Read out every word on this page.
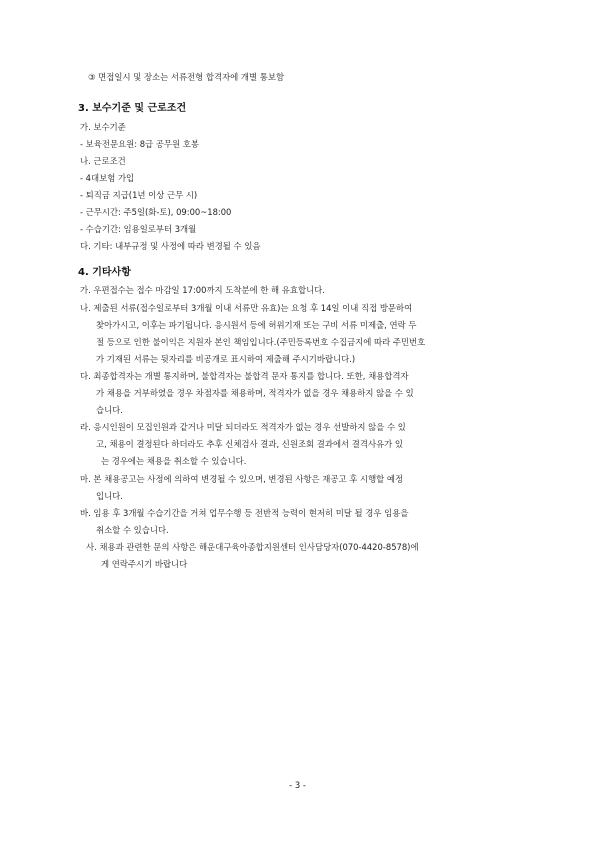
③ 면접일시 및 장소는 서류전형 합격자에 개별 통보함
3. 보수기준 및 근로조건
가. 보수기준
- 보육전문요원: 8급 공무원 호봉
나. 근로조건
- 4대보험 가입
- 퇴직금 지급(1년 이상 근무 시)
- 근무시간: 주5일(화-토), 09:00~18:00
- 수습기간: 임용일로부터 3개월
다. 기타: 내부규정 및 사정에 따라 변경될 수 있음
4. 기타사항
가. 우편접수는 접수 마감일 17:00까지 도착분에 한 해 유효합니다.
나. 제출된 서류(접수일로부터 3개월 이내 서류만 유효)는 요청 후 14일 이내 직접 방문하여
찾아가시고, 이후는 파기됩니다. 응시원서 등에 허위기재 또는 구비 서류 미제출, 연락 두
절 등으로 인한 불이익은 지원자 본인 책임입니다.(주민등록번호 수집금지에 따라 주민번호
가 기재된 서류는 뒷자리를 비공개로 표시하여 제출해 주시기바랍니다.)
다. 최종합격자는 개별 통지하며, 불합격자는 불합격 문자 통지를 합니다. 또한, 채용합격자
가 채용을 거부하였을 경우 차점자를 채용하며, 적격자가 없을 경우 채용하지 않을 수 있
습니다.
라. 응시인원이 모집인원과 같거나 미달 되더라도 적격자가 없는 경우 선발하지 않을 수 있
고, 채용이 결정된다 하더라도 추후 신체검사 결과, 신원조회 결과에서 결격사유가 있
는 경우에는 채용을 취소할 수 있습니다.
마. 본 채용공고는 사정에 의하여 변경될 수 있으며, 변경된 사항은 재공고 후 시행할 예정
입니다.
바. 임용 후 3개월 수습기간을 거쳐 업무수행 등 전반적 능력이 현저히 미달 될 경우 임용을
취소할 수 있습니다.
사. 채용과 관련한 문의 사항은 해운대구육아종합지원센터 인사담당자(070-4420-8578)에
게 연락주시기 바랍니다
- 3 -
